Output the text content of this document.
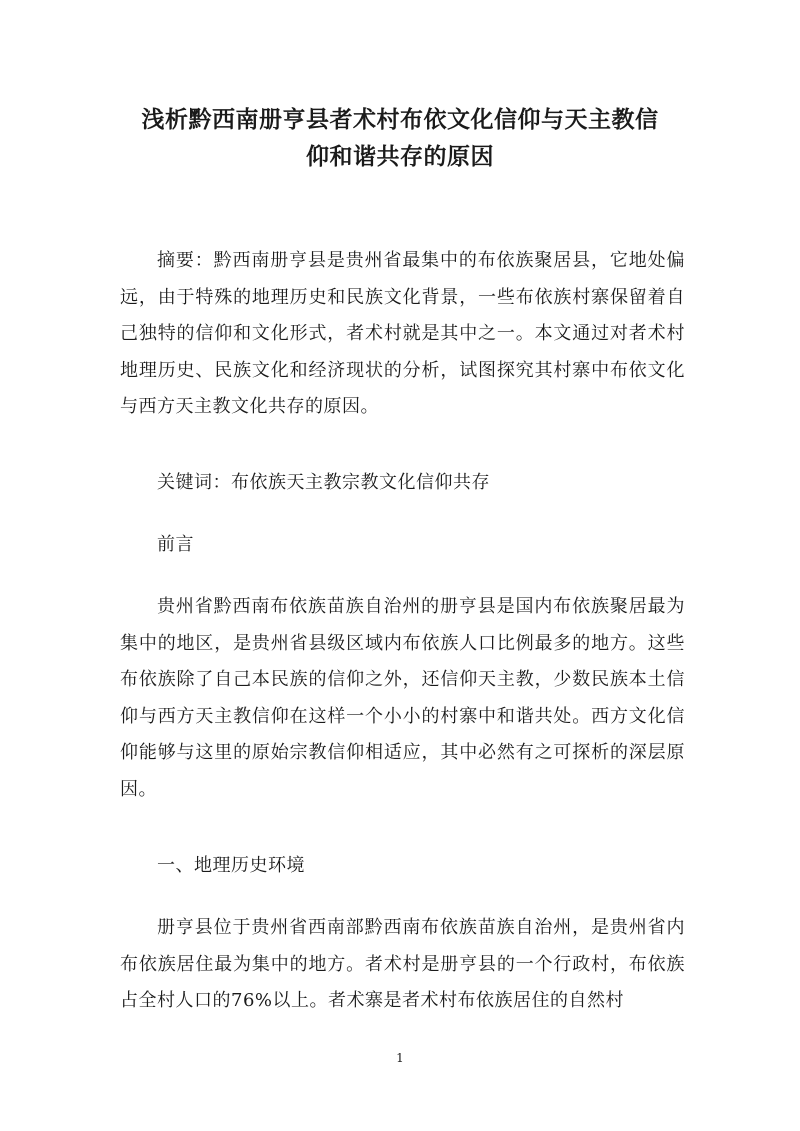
浅析黔西南册亨县者术村布依文化信仰与天主教信
仰和谐共存的原因

摘要：黔西南册亨县是贵州省最集中的布依族聚居县，它地处偏远，由于特殊的地理历史和民族文化背景，一些布依族村寨保留着自己独特的信仰和文化形式，者术村就是其中之一。本文通过对者术村地理历史、民族文化和经济现状的分析，试图探究其村寨中布依文化与西方天主教文化共存的原因。

关键词：布依族天主教宗教文化信仰共存

前言

贵州省黔西南布依族苗族自治州的册亨县是国内布依族聚居最为集中的地区，是贵州省县级区域内布依族人口比例最多的地方。这些布依族除了自己本民族的信仰之外，还信仰天主教，少数民族本土信仰与西方天主教信仰在这样一个小小的村寨中和谐共处。西方文化信仰能够与这里的原始宗教信仰相适应，其中必然有之可探析的深层原因。

一、地理历史环境

册亨县位于贵州省西南部黔西南布依族苗族自治州，是贵州省内布依族居住最为集中的地方。者术村是册亨县的一个行政村，布依族占全村人口的76%以上。者术寨是者术村布依族居住的自然村

1
